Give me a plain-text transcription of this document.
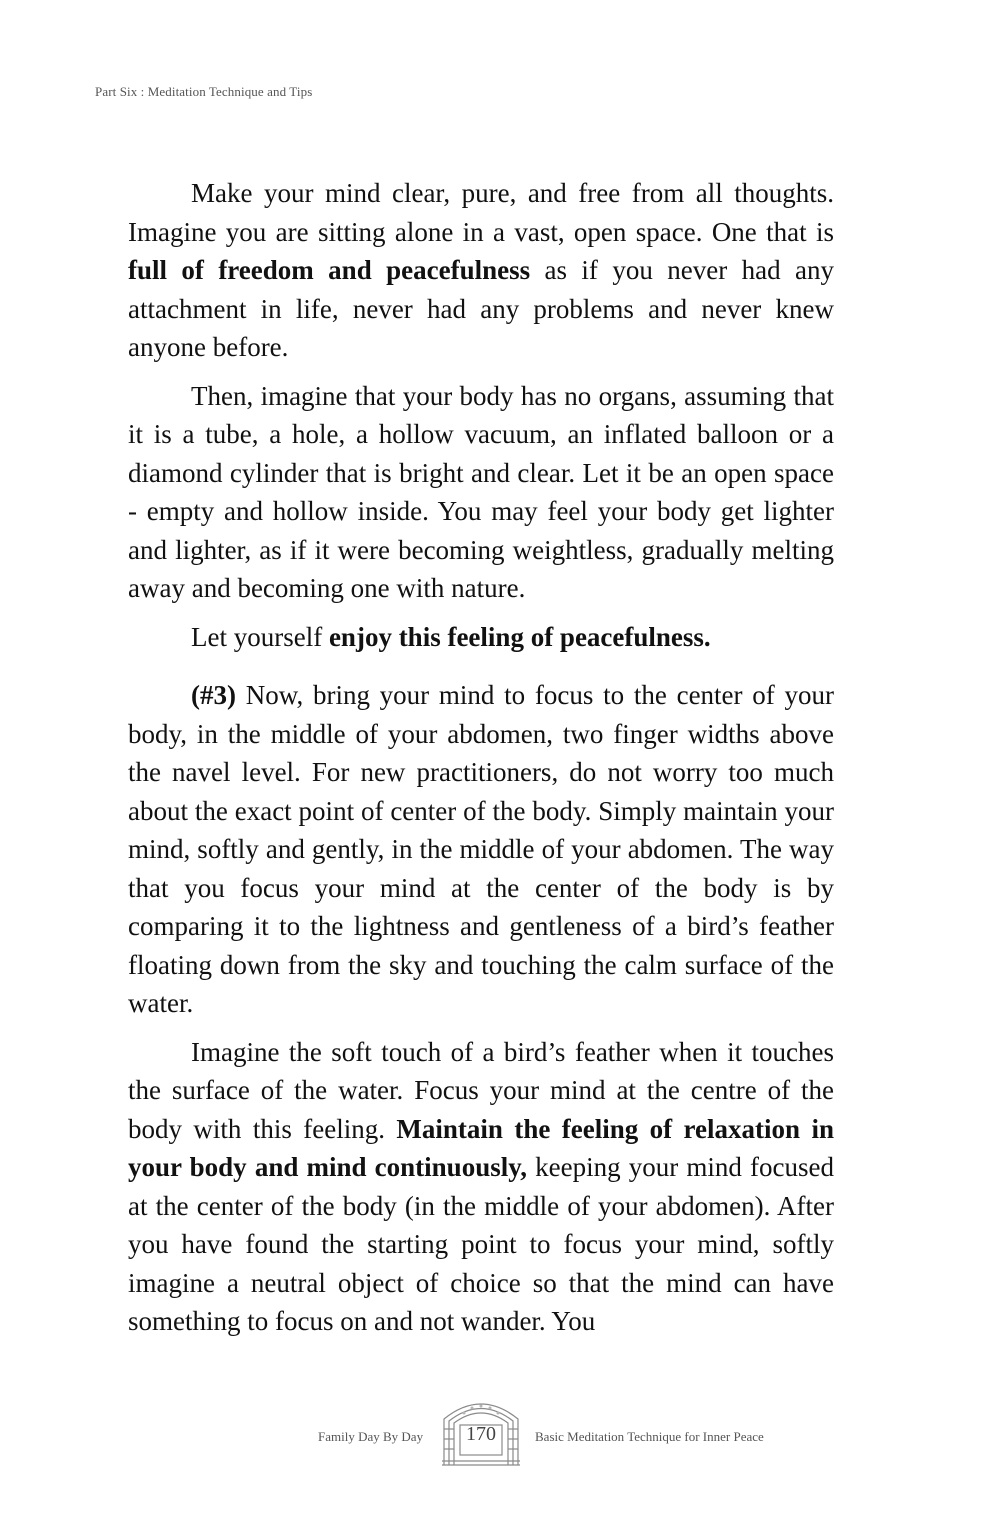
Part Six : Meditation Technique and Tips

Make your mind clear, pure, and free from all thoughts. Imagine you are sitting alone in a vast, open space. One that is full of freedom and peacefulness as if you never had any attachment in life, never had any problems and never knew anyone before.

Then, imagine that your body has no organs, assuming that it is a tube, a hole, a hollow vacuum, an inflated balloon or a diamond cylinder that is bright and clear. Let it be an open space - empty and hollow inside. You may feel your body get lighter and lighter, as if it were becoming weightless, gradually melting away and becoming one with nature.

Let yourself enjoy this feeling of peacefulness.

(#3) Now, bring your mind to focus to the center of your body, in the middle of your abdomen, two finger widths above the navel level. For new practitioners, do not worry too much about the exact point of center of the body. Simply maintain your mind, softly and gently, in the middle of your abdomen. The way that you focus your mind at the center of the body is by comparing it to the lightness and gentleness of a bird’s feather floating down from the sky and touching the calm surface of the water.

Imagine the soft touch of a bird’s feather when it touches the surface of the water. Focus your mind at the centre of the body with this feeling. Maintain the feeling of relaxation in your body and mind continuously, keeping your mind focused at the center of the body (in the middle of your abdomen). After you have found the starting point to focus your mind, softly imagine a neutral object of choice so that the mind can have something to focus on and not wander. You

Family Day By Day	170	Basic Meditation Technique for Inner Peace
